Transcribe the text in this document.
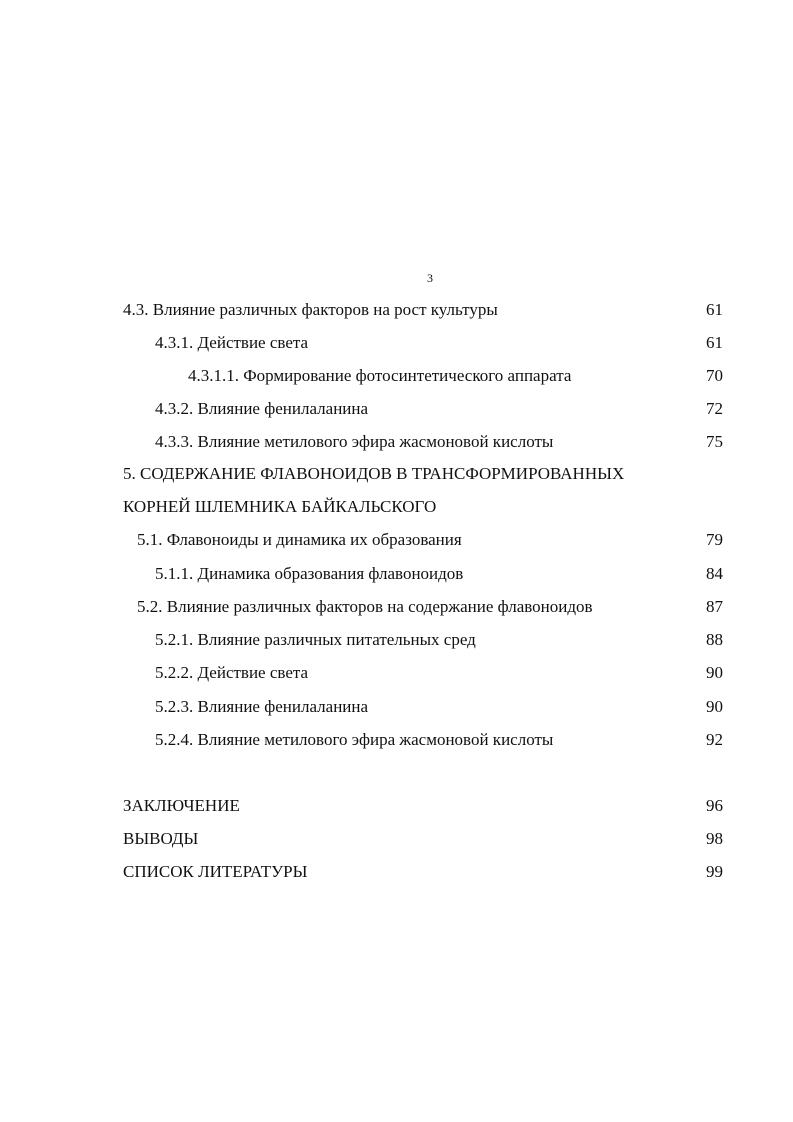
3
4.3. Влияние различных факторов на рост культуры	61
4.3.1. Действие света	61
4.3.1.1. Формирование фотосинтетического аппарата	70
4.3.2. Влияние фенилаланина	72
4.3.3. Влияние метилового эфира жасмоновой кислоты	75
5. СОДЕРЖАНИЕ ФЛАВОНОИДОВ В ТРАНСФОРМИРОВАННЫХ
КОРНЕЙ ШЛЕМНИКА БАЙКАЛЬСКОГО
5.1. Флавоноиды и динамика их образования	79
5.1.1. Динамика образования флавоноидов	84
5.2. Влияние различных факторов на содержание флавоноидов	87
5.2.1. Влияние различных питательных сред	88
5.2.2. Действие света	90
5.2.3. Влияние фенилаланина	90
5.2.4. Влияние метилового эфира жасмоновой кислоты	92
ЗАКЛЮЧЕНИЕ	96
ВЫВОДЫ	98
СПИСОК ЛИТЕРАТУРЫ	99
